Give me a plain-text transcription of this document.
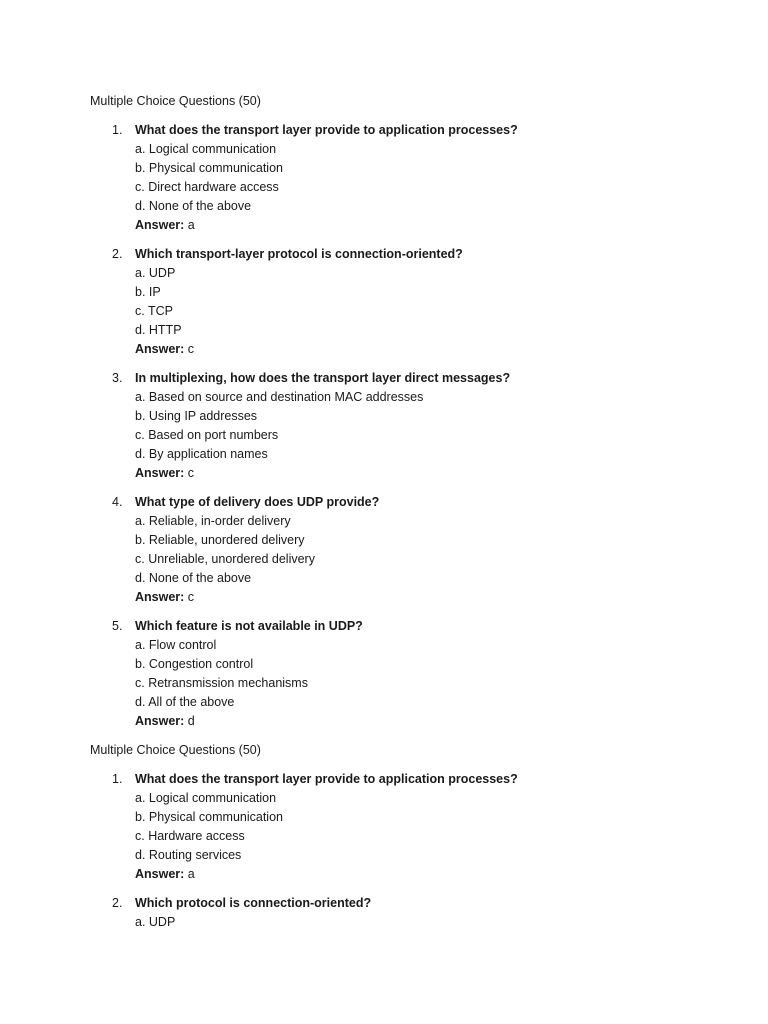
Multiple Choice Questions (50)
1.	What does the transport layer provide to application processes?
a. Logical communication
b. Physical communication
c. Direct hardware access
d. None of the above
Answer: a
2.	Which transport-layer protocol is connection-oriented?
a. UDP
b. IP
c. TCP
d. HTTP
Answer: c
3.	In multiplexing, how does the transport layer direct messages?
a. Based on source and destination MAC addresses
b. Using IP addresses
c. Based on port numbers
d. By application names
Answer: c
4.	What type of delivery does UDP provide?
a. Reliable, in-order delivery
b. Reliable, unordered delivery
c. Unreliable, unordered delivery
d. None of the above
Answer: c
5.	Which feature is not available in UDP?
a. Flow control
b. Congestion control
c. Retransmission mechanisms
d. All of the above
Answer: d
Multiple Choice Questions (50)
1.	What does the transport layer provide to application processes?
a. Logical communication
b. Physical communication
c. Hardware access
d. Routing services
Answer: a
2.	Which protocol is connection-oriented?
a. UDP
